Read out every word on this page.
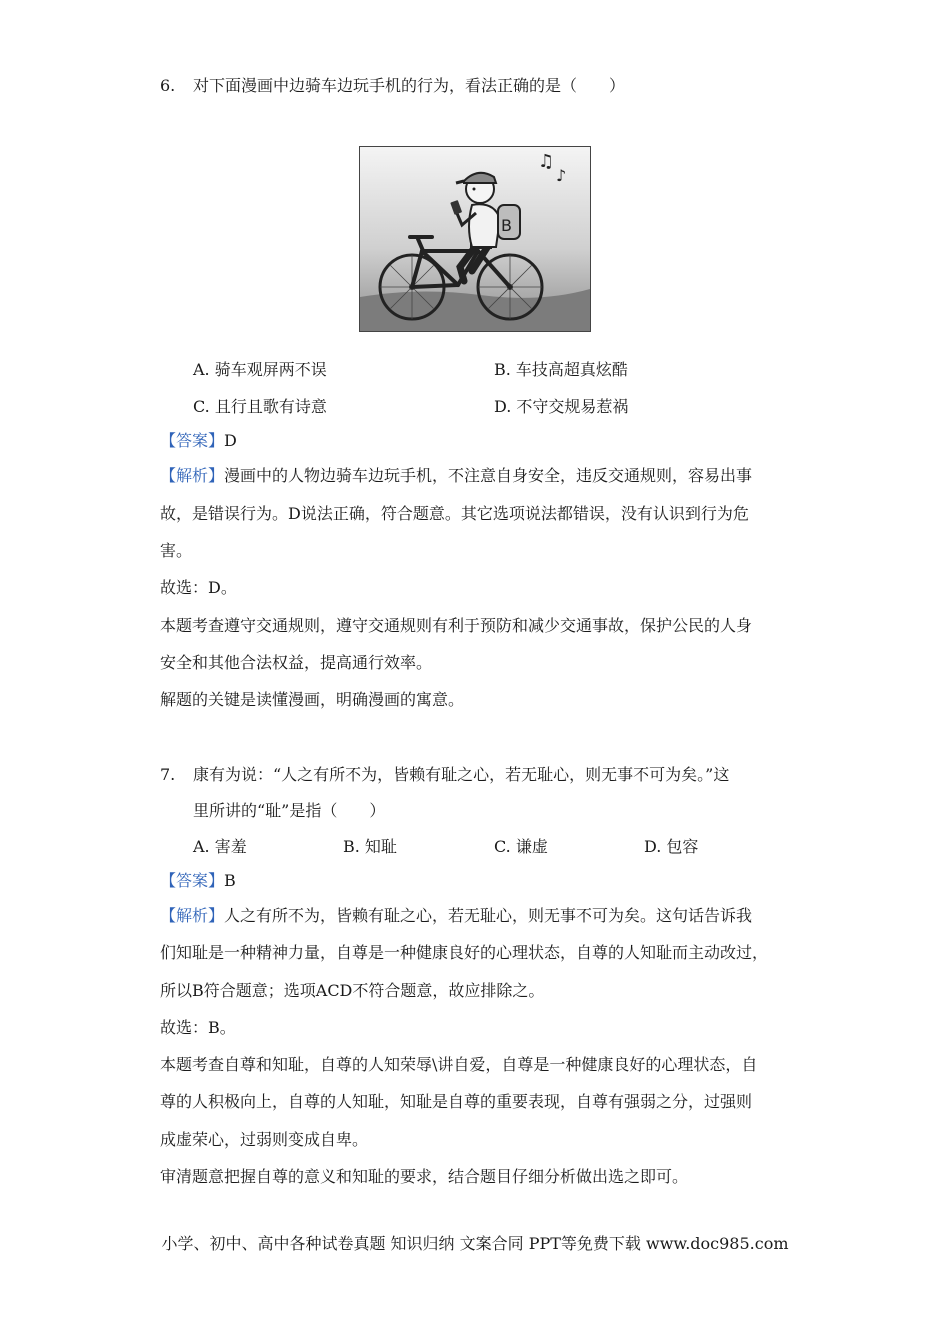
6. 对下面漫画中边骑车边玩手机的行为，看法正确的是（　　）
♫
♪
B
A. 骑车观屏两不误	B. 车技高超真炫酷
C. 且行且歌有诗意	D. 不守交规易惹祸
【答案】D
【解析】漫画中的人物边骑车边玩手机，不注意自身安全，违反交通规则，容易出事
故，是错误行为。D说法正确，符合题意。其它选项说法都错误，没有认识到行为危
害。
故选：D。
本题考查遵守交通规则，遵守交通规则有利于预防和减少交通事故，保护公民的人身
安全和其他合法权益，提高通行效率。
解题的关键是读懂漫画，明确漫画的寓意。
7. 康有为说：“人之有所不为，皆赖有耻之心，若无耻心，则无事不可为矣。”这
里所讲的“耻”是指（　　）
A. 害羞	B. 知耻	C. 谦虚	D. 包容
【答案】B
【解析】人之有所不为，皆赖有耻之心，若无耻心，则无事不可为矣。这句话告诉我
们知耻是一种精神力量，自尊是一种健康良好的心理状态，自尊的人知耻而主动改过，
所以B符合题意；选项ACD不符合题意，故应排除之。
故选：B。
本题考查自尊和知耻，自尊的人知荣辱\讲自爱，自尊是一种健康良好的心理状态，自
尊的人积极向上，自尊的人知耻，知耻是自尊的重要表现，自尊有强弱之分，过强则
成虚荣心，过弱则变成自卑。
审清题意把握自尊的意义和知耻的要求，结合题目仔细分析做出选之即可。
小学、初中、高中各种试卷真题 知识归纳 文案合同 PPT等免费下载 www.doc985.com
